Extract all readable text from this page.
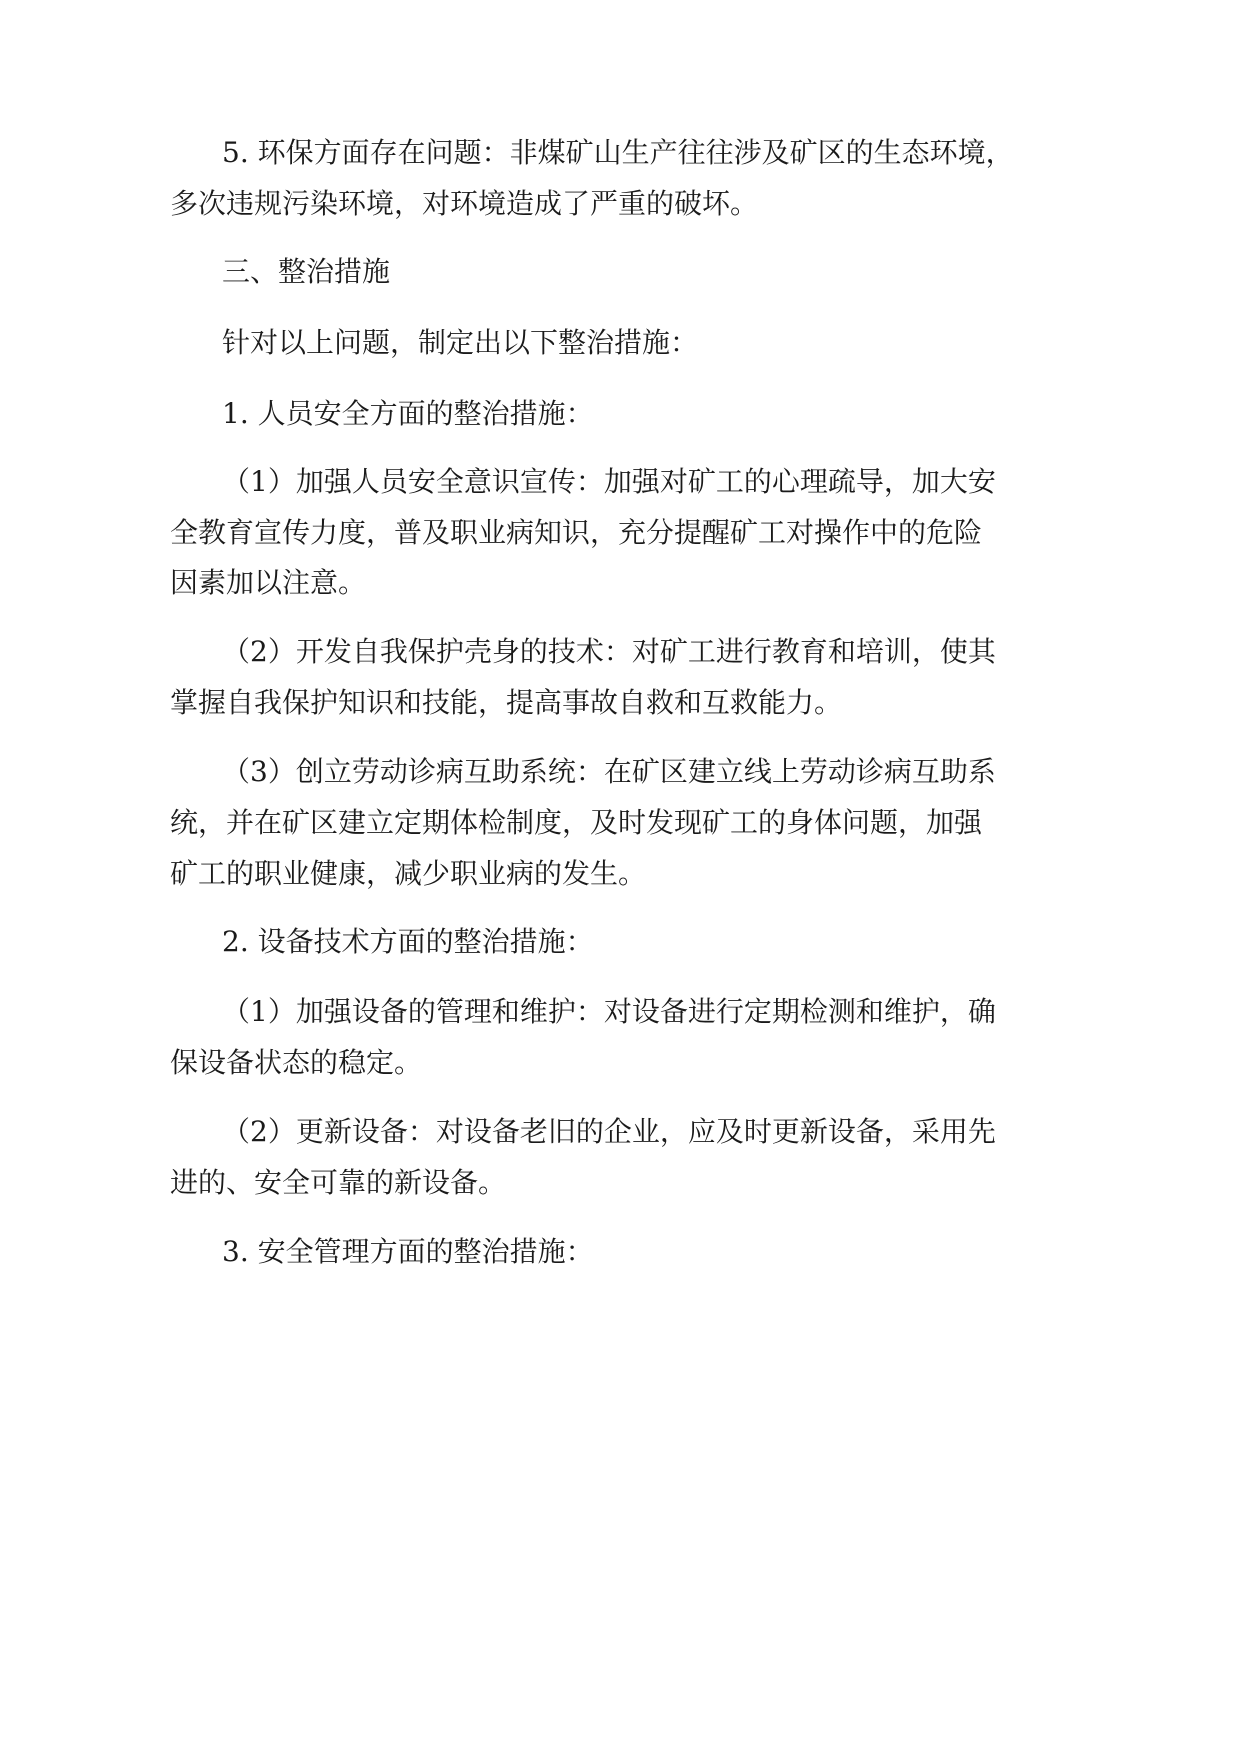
5. 环保方面存在问题：非煤矿山生产往往涉及矿区的生态环境，

多次违规污染环境，对环境造成了严重的破坏。

三、整治措施

针对以上问题，制定出以下整治措施：

1. 人员安全方面的整治措施：

（1）加强人员安全意识宣传：加强对矿工的心理疏导，加大安

全教育宣传力度，普及职业病知识，充分提醒矿工对操作中的危险

因素加以注意。

（2）开发自我保护壳身的技术：对矿工进行教育和培训，使其

掌握自我保护知识和技能，提高事故自救和互救能力。

（3）创立劳动诊病互助系统：在矿区建立线上劳动诊病互助系

统，并在矿区建立定期体检制度，及时发现矿工的身体问题，加强

矿工的职业健康，减少职业病的发生。

2. 设备技术方面的整治措施：

（1）加强设备的管理和维护：对设备进行定期检测和维护，确

保设备状态的稳定。

（2）更新设备：对设备老旧的企业，应及时更新设备，采用先

进的、安全可靠的新设备。

3. 安全管理方面的整治措施：
